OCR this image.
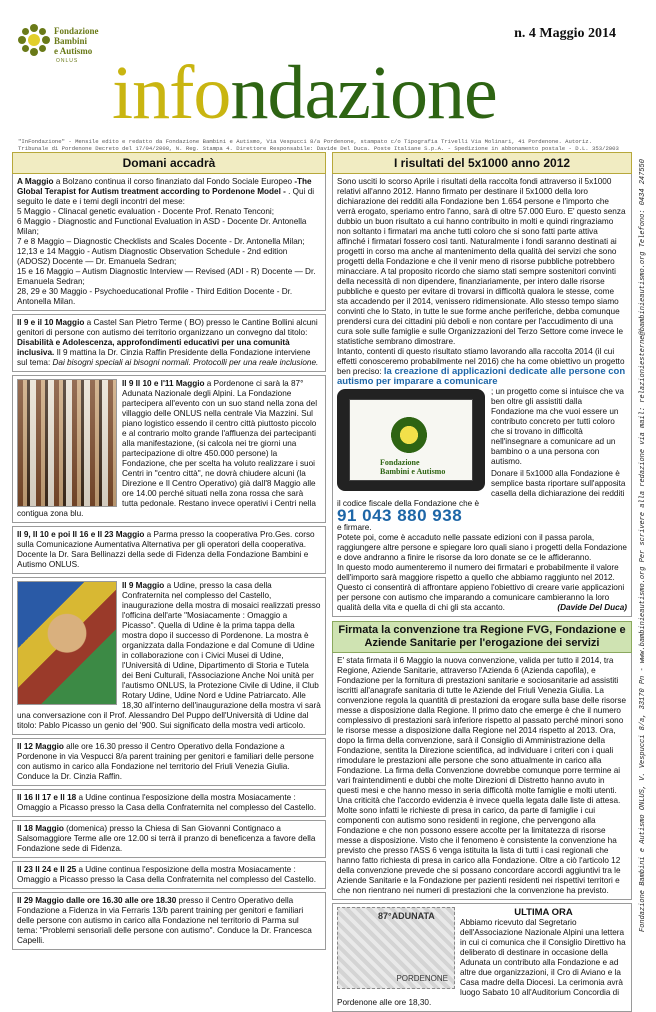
Fondazione
Bambini
e Autismo
ONLUS
n. 4 Maggio 2014
infondazione
"InFondazione" - Mensile edito e redatto da Fondazione Bambini e Autismo, Via Vespucci 8/a Pordenone, stampato c/o Tipografia Trivelli Via Molinari, 41 Pordenone. Autoriz. Tribunale di Pordenone Decreto del 17/04/2008, N. Reg. Stampa 4. Direttore Responsabile: Davide Del Duca. Poste Italiane S.p.A. - Spedizione in abbonamento postale - D.L. 353/2003
Domani accadrà

A Maggio a Bolzano continua il corso finanziato dal Fondo Sociale Europeo -The Global Terapist for Autism treatment according to Pordenone Model - . Qui di seguito le date e i temi degli incontri del mese:

5 Maggio - Clinacal genetic evaluation - Docente Prof. Renato Tenconi;

6 Maggio - Diagnostic and Functional Evaluation in ASD - Docente Dr. Antonella Milan;

7 e 8 Maggio – Diagnostic Checklists and Scales Docente - Dr. Antonella Milan;

12,13 e 14 Maggio - Autism Diagnostic Observation Schedule - 2nd edition (ADOS2) Docente — Dr. Emanuela Sedran;

15 e 16 Maggio – Autism Diagnostic Interview — Revised (ADI - R) Docente — Dr. Emanuela Sedran;

28, 29 e 30 Maggio - Psychoeducational Profile - Third Edition Docente - Dr. Antonella Milan.

Il 9 e il 10 Maggio a Castel San Pietro Terme ( BO) presso le Cantine Bollini alcuni genitori di persone con autismo dei territorio organizzano un convegno dal titolo: Disabilità e Adolescenza, approfondimenti educativi per una comunità inclusiva. Il 9 mattina la Dr. Cinzia Raffin Presidente della Fondazione interviene sul tema: Dai bisogni speciali ai bisogni normali. Protocolli per una reale inclusione.

Il 9 Il 10 e l'11 Maggio a Pordenone ci sarà la 87° Adunata Nazionale degli Alpini. La Fondazione partecipera all'evento con un suo stand nella zona del villaggio delle ONLUS nella centrale Via Mazzini. Sul piano logistico essendo il centro città piuttosto piccolo e al contrario molto grande l'affluenza dei partecipanti alla manifestazione, (si calcola nei tre giorni una partecipazione di oltre 450.000 persone) la Fondazione, che per scelta ha voluto realizzare i suoi Centri in "centro città", ne dovrà chiudere alcuni (la Direzione e Il Centro Operativo) già dall'8 Maggio alle ore 14.00 perché situati nella zona rossa che sarà tutta pedonale. Restano invece operativi i Centri nella contigua zona blu.

Il 9, Il 10 e poi Il 16 e Il 23 Maggio a Parma presso la cooperativa Pro.Ges. corso sulla Comunicazione Aumentativa Alternativa per gli operatori della cooperativa. Docente la Dr. Sara Bellinazzi della sede di Fidenza della Fondazione Bambini e Autismo ONLUS.

Il 9 Maggio a Udine, presso la casa della Confraternita nel complesso del Castello, inaugurazione della mostra di mosaici realizzati presso l'officina dell'arte "Mosiacamente : Omaggio a Picasso". Quella di Udine è la prima tappa della mostra dopo il successo di Pordenone. La mostra è organizzata dalla Fondazione e dal Comune di Udine in collaborazione con i Civici Musei di Udine, l'Università di Udine, Dipartimento di Storia e Tutela dei Beni Culturali, l'Associazione Anche Noi unità per l'autismo ONLUS, la Protezione Civile di Udine, il Club Rotary Udine, Udine Nord e Udine Patriarcato. Alle 18,30 all'interno dell'inaugurazione della mostra vi sarà una conversazione con il Prof. Alessandro Del Puppo dell'Università di Udine dal titolo: Pablo Picasso un genio del '900. Sui significato della mostra vedi articolo.

Il 12 Maggio alle ore 16.30 presso il Centro Operativo della Fondazione a Pordenone in via Vespucci 8/a parent training per genitori e familiari delle persone con autismo in carico alla Fondazione nel territorio del Friuli Venezia Giulia. Conduce la Dr. Cinzia Raffin.

Il 16 Il 17 e Il 18 a Udine continua l'esposizione della mostra Mosiacamente : Omaggio a Picasso presso la Casa della Confraternita nel complesso del Castello.

Il 18 Maggio (domenica) presso la Chiesa di San Giovanni Contignaco a Salsomaggiore Terme alle ore 12.00 si terrà il pranzo di beneficenza a favore della Fondazione sede di Fidenza.

Il 23 Il 24 e Il 25 a Udine continua l'esposizione della mostra Mosiacamente : Omaggio a Picasso presso la Casa della Confraternita nel complesso del Castello.

Il 29 Maggio dalle ore 16.30 alle ore 18.30 presso il Centro Operativo della Fondazione a Fidenza in via Ferraris 13/b parent training per genitori e familiari delle persone con autismo in carico alla Fondazione nel territorio di Parma sul tema: "Problemi sensoriali delle persone con autismo". Conduce la Dr. Francesca Capelli.

I risultati del 5x1000 anno 2012

Sono usciti lo scorso Aprile i risultati della raccolta fondi attraverso il 5x1000 relativi all'anno 2012. Hanno firmato per destinare il 5x1000 della loro dichiarazione dei redditi alla Fondazione ben 1.654 persone e l'importo che verrà erogato, speriamo entro l'anno, sarà di oltre 57.000 Euro. E' questo senza dubbio un buon risultato a cui hanno contribuito in molti e quindi ringraziamo non soltanto i firmatari ma anche tutti coloro che si sono fatti parte attiva affinché i firmatari fossero così tanti. Naturalmente i fondi saranno destinati ai progetti in corso ma anche al mantenimento della qualità dei servizi che sono progetti della Fondazione e che il venir meno di risorse pubbliche potrebbero minacciare. A tal proposito ricordo che siamo stati sempre sostenitori convinti della necessità di non dipendere, finanziariamente, per intero dalle risorse pubbliche e questo per evitare di trovarsi in difficoltà qualora le stesse, come sta accadendo per il 2014, venissero ridimensionate. Allo stesso tempo siamo convinti che lo Stato, in tutte le sue forme anche periferiche, debba comunque prendersi cura dei cittadini più deboli e non contare per l'accudimento di una cura sole sulle famiglie e sulle Organizzazioni del Terzo Settore come invece le statistiche sembrano dimostrare.

Intanto, contenti di questo risultato stiamo lavorando alla raccolta 2014 (il cui effetti conosceremo probabilmente nel 2016) che ha come obiettivo un progetto ben preciso: la creazione di applicazioni dedicate alle persone con autismo per imparare a comunicare

Fondazione
Bambini e Autismo

; un progetto come si intuisce che va ben oltre gli assistiti dalla Fondazione ma che vuoi essere un contributo concreto per tutti coloro che si trovano in difficoltà nell'insegnare a comunicare ad un bambino o a una persona con autismo.

Donare il 5x1000 alla Fondazione è semplice basta riportare sull'apposita casella della dichiarazione dei redditi il codice fiscale della Fondazione che è

91 043 880 938

e firmare.

Potete poi, come è accaduto nelle passate edizioni con il passa parola, raggiungere altre persone e spiegare loro quali siano i progetti della Fondazione e dove andranno a finire le risorse da loro donate se ce le affideranno.

In questo modo aumenteremo il numero dei firmatari e probabilmente il valore dell'importo sarà maggiore rispetto a quello che abbiamo raggiunto nel 2012. Questo ci consentirà di affrontare appieno l'obiettivo di creare varie applicazioni per persone con autismo che imparando a comunicare cambieranno la loro qualità della vita e quella di chi gli sta accanto.	(Davide Del Duca)

Firmata la convenzione tra Regione FVG, Fondazione e Aziende Sanitarie per l'erogazione dei servizi

E' stata firmata il 6 Maggio la nuova convenzione, valida per tutto il 2014, tra Regione, Aziende Sanitarie, attraverso l'Azienda 6 (Azienda capofila), e Fondazione per la fornitura di prestazioni sanitarie e sociosanitarie ad assistiti iscritti all'anagrafe sanitaria di tutte le Aziende del Friuli Venezia Giulia. La convenzione regola la quantità di prestazioni da erogare sulla base delle risorse messe a disposizione dalla Regione. Il primo dato che emerge è che il numero complessivo di prestazioni sarà inferiore rispetto al passato perché minori sono le risorse messe a disposizione dalla Regione nel 2014 rispetto al 2013. Ora, dopo la firma della convenzione, sarà il Consiglio di Amministrazione della Fondazione, sentita la Direzione scientifica, ad individuare i criteri con i quali rimodulare le prestazioni alle persone che sono attualmente in carico alla Fondazione. La firma della Convenzione dovrebbe comunque porre termine ai vari fraintendimenti e dubbi che molte Direzioni di Distretto hanno avuto in questi mesi e che hanno messo in seria difficoltà molte famiglie e molti utenti.

Una criticità che l'accordo evidenzia è invece quella legata dalle liste di attesa. Molte sono infatti le richieste di presa in carico, da parte di famiglie i cui componenti con autismo sono residenti in regione, che pervengono alla Fondazione e che non possono essere accolte per la limitatezza di risorse messe a disposizione. Visto che il fenomeno è consistente la convenzione ha previsto che presso l'ASS 6 venga istituita la lista di tutti i casi regionali che hanno fatto richiesta di presa in carico alla Fondazione. Oltre a ciò l'articolo 12 della convenzione prevede che si possano concordare accordi aggiuntivi tra le Aziende Sanitarie e la Fondazione per pazienti residenti nei rispettivi territori e che non rientrano nei numeri di prestazioni che la convenzione ha previsto.

87°ADUNATA
PORDENONE
ULTIMA ORA

Abbiamo ricevuto dal Segretario dell'Associazione Nazionale Alpini una lettera in cui ci comunica che il Consiglio Direttivo ha deliberato di destinare in occasione della Adunata un contributo alla Fondazione e ad altre due organizzazioni, il Cro di Aviano e la Casa madre della Diocesi. La cerimonia avrà luogo Sabato 10 all'Auditorium Concordia di Pordenone alle ore 18,30.

Fondazione Bambini e Autismo ONLUS, V. Vespucci 8/a, 33170 Pn - www.bambinieautismo.org Per scrivere alla redazione via mail: relazioniesterne@bambinieautismo.org Telefono: 0434 247550
